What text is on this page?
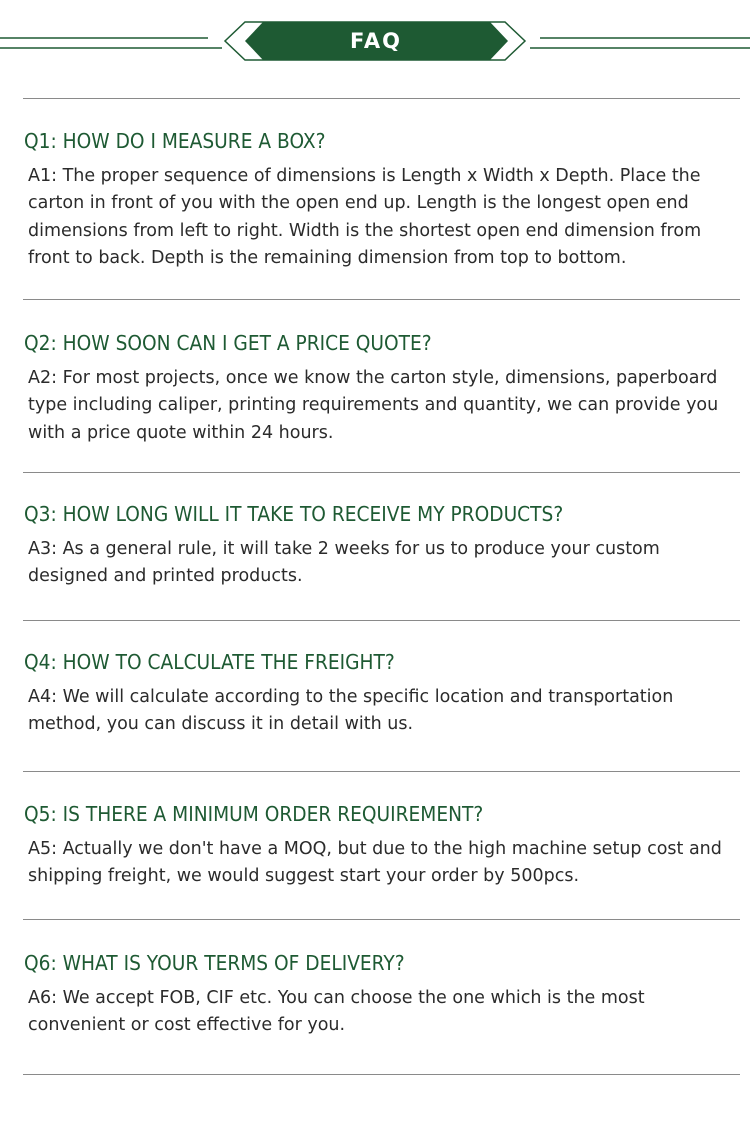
FAQ
Q1: HOW DO I MEASURE A BOX?

A1: The proper sequence of dimensions is Length x Width x Depth. Place the carton in front of you with the open end up. Length is the longest open end dimensions from left to right. Width is the shortest open end dimension from front to back. Depth is the remaining dimension from top to bottom.

Q2: HOW SOON CAN I GET A PRICE QUOTE?

A2: For most projects, once we know the carton style, dimensions, paperboard type including caliper, printing requirements and quantity, we can provide you with a price quote within 24 hours.

Q3: HOW LONG WILL IT TAKE TO RECEIVE MY PRODUCTS?

A3: As a general rule, it will take 2 weeks for us to produce your custom designed and printed products.

Q4: HOW TO CALCULATE THE FREIGHT?

A4: We will calculate according to the specific location and transportation method, you can discuss it in detail with us.

Q5: IS THERE A MINIMUM ORDER REQUIREMENT?

A5: Actually we don't have a MOQ, but due to the high machine setup cost and shipping freight, we would suggest start your order by 500pcs.

Q6: WHAT IS YOUR TERMS OF DELIVERY?

A6: We accept FOB, CIF etc. You can choose the one which is the most convenient or cost effective for you.
